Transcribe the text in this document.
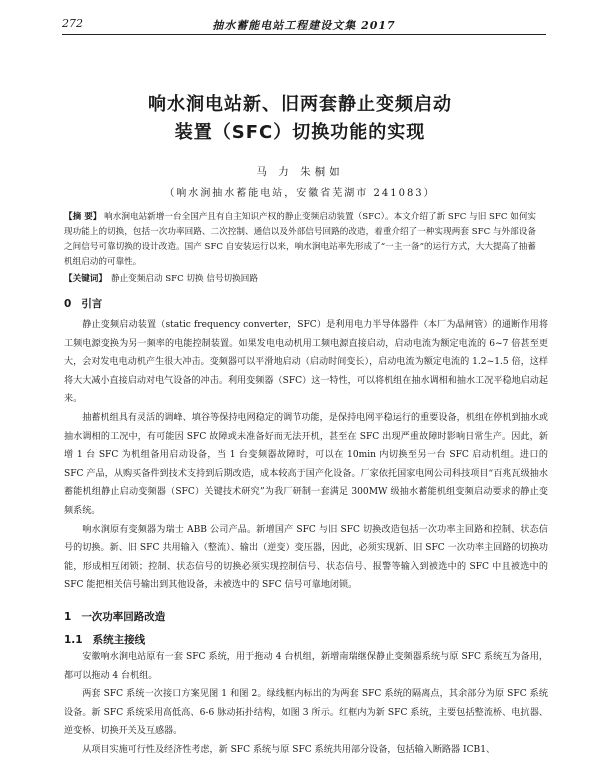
272	抽水蓄能电站工程建设文集 2017
响水涧电站新、旧两套静止变频启动
装置（SFC）切换功能的实现
马 力 朱桐如
（响水涧抽水蓄能电站，安徽省芜湖市 241083）
【摘 要】 响水涧电站新增一台全国产且有自主知识产权的静止变频启动装置（SFC）。本文介绍了新 SFC 与旧 SFC 如何实现功能上的切换，包括一次功率回路、二次控制、通信以及外部信号回路的改造，着重介绍了一种实现两套 SFC 与外部设备之间信号可靠切换的设计改造。国产 SFC 自安装运行以来，响水涧电站率先形成了“一主一备”的运行方式，大大提高了抽蓄机组启动的可靠性。
【关键词】 静止变频启动 SFC 切换 信号切换回路
0 引言

静止变频启动装置（static frequency converter，SFC）是利用电力半导体器件（本厂为晶闸管）的通断作用将工频电源变换为另一频率的电能控制装置。如果发电电动机用工频电源直接启动，启动电流为额定电流的 6~7 倍甚至更大，会对发电电动机产生很大冲击。变频器可以平滑地启动（启动时间变长），启动电流为额定电流的 1.2~1.5 倍，这样将大大减小直接启动对电气设备的冲击。利用变频器（SFC）这一特性，可以将机组在抽水调相和抽水工况平稳地启动起来。

抽蓄机组具有灵活的调峰、填谷等保持电网稳定的调节功能，是保持电网平稳运行的重要设备，机组在停机到抽水或抽水调相的工况中，有可能因 SFC 故障或未准备好而无法开机，甚至在 SFC 出现严重故障时影响日常生产。因此，新增 1 台 SFC 为机组备用启动设备，当 1 台变频器故障时，可以在 10min 内切换至另一台 SFC 启动机组。进口的 SFC 产品，从购买备件到技术支持到后期改造，成本较高于国产化设备。厂家依托国家电网公司科技项目“百兆瓦级抽水蓄能机组静止启动变频器（SFC）关键技术研究”为我厂研制一套满足 300MW 级抽水蓄能机组变频启动要求的静止变频系统。

响水涧原有变频器为瑞士 ABB 公司产品。新增国产 SFC 与旧 SFC 切换改造包括一次功率主回路和控制、状态信号的切换。新、旧 SFC 共用输入（整流）、输出（逆变）变压器，因此，必须实现新、旧 SFC 一次功率主回路的切换功能，形成相互闭锁；控制、状态信号的切换必须实现控制信号、状态信号、报警等输入到被选中的 SFC 中且被选中的 SFC 能把相关信号输出到其他设备，未被选中的 SFC 信号可靠地闭锁。

1 一次功率回路改造
1.1 系统主接线

安徽响水涧电站原有一套 SFC 系统，用于拖动 4 台机组，新增南瑞继保静止变频器系统与原 SFC 系统互为备用，都可以拖动 4 台机组。

两套 SFC 系统一次接口方案见图 1 和图 2。绿线框内标出的为两套 SFC 系统的隔离点，其余部分为原 SFC 系统设备。新 SFC 系统采用高低高、6-6 脉动拓扑结构，如图 3 所示。红框内为新 SFC 系统，主要包括整流桥、电抗器、逆变桥、切换开关及互感器。

从项目实施可行性及经济性考虑，新 SFC 系统与原 SFC 系统共用部分设备，包括输入断路器 ICB1、
